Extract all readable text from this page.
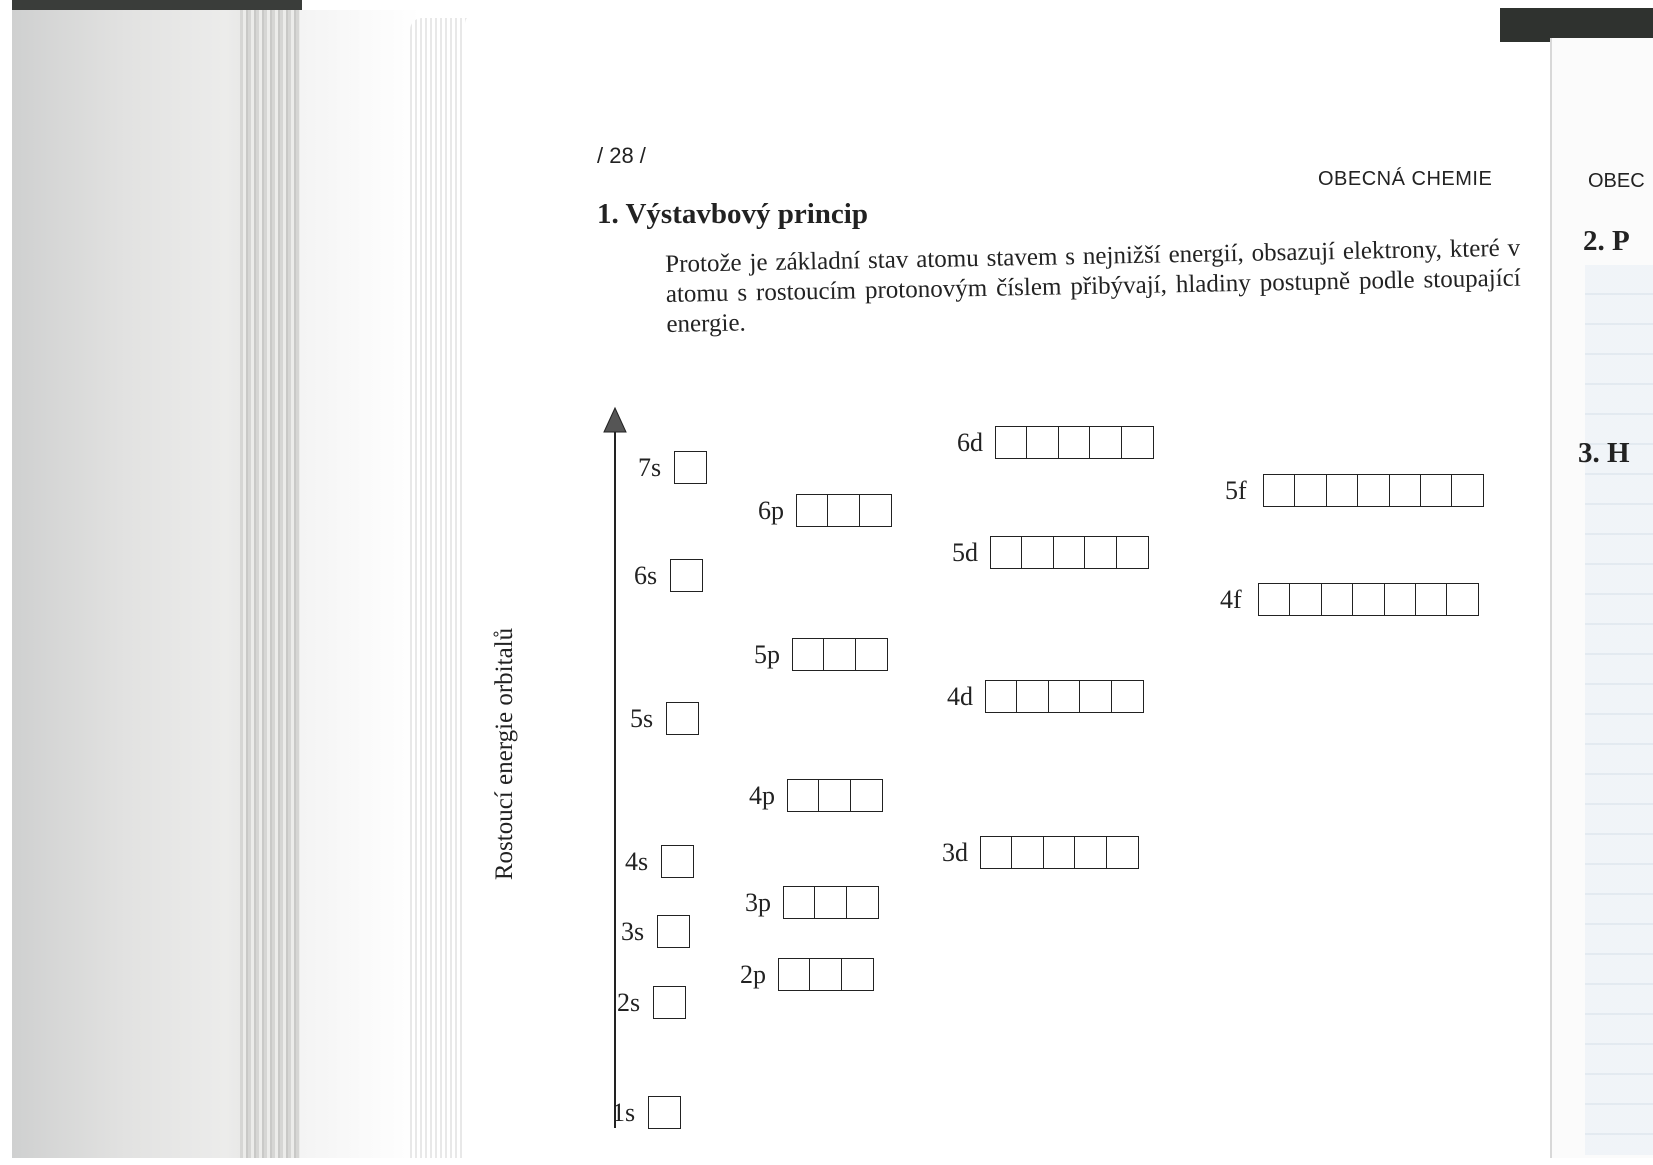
/ 28 /
OBECNÁ CHEMIE
1. Výstavbový princip
Protože je základní stav atomu stavem s nejnižší energií, obsazují elektrony, které v atomu s rostoucím protonovým číslem přibývají, hladiny postupně podle stoupající energie.
OBEC
2. P
3. H
Rostoucí energie orbitalů
1s
2s
3s
4s
5s
6s
7s
2p
3p
4p
5p
6p
3d
4d
5d
6d
4f
5f
